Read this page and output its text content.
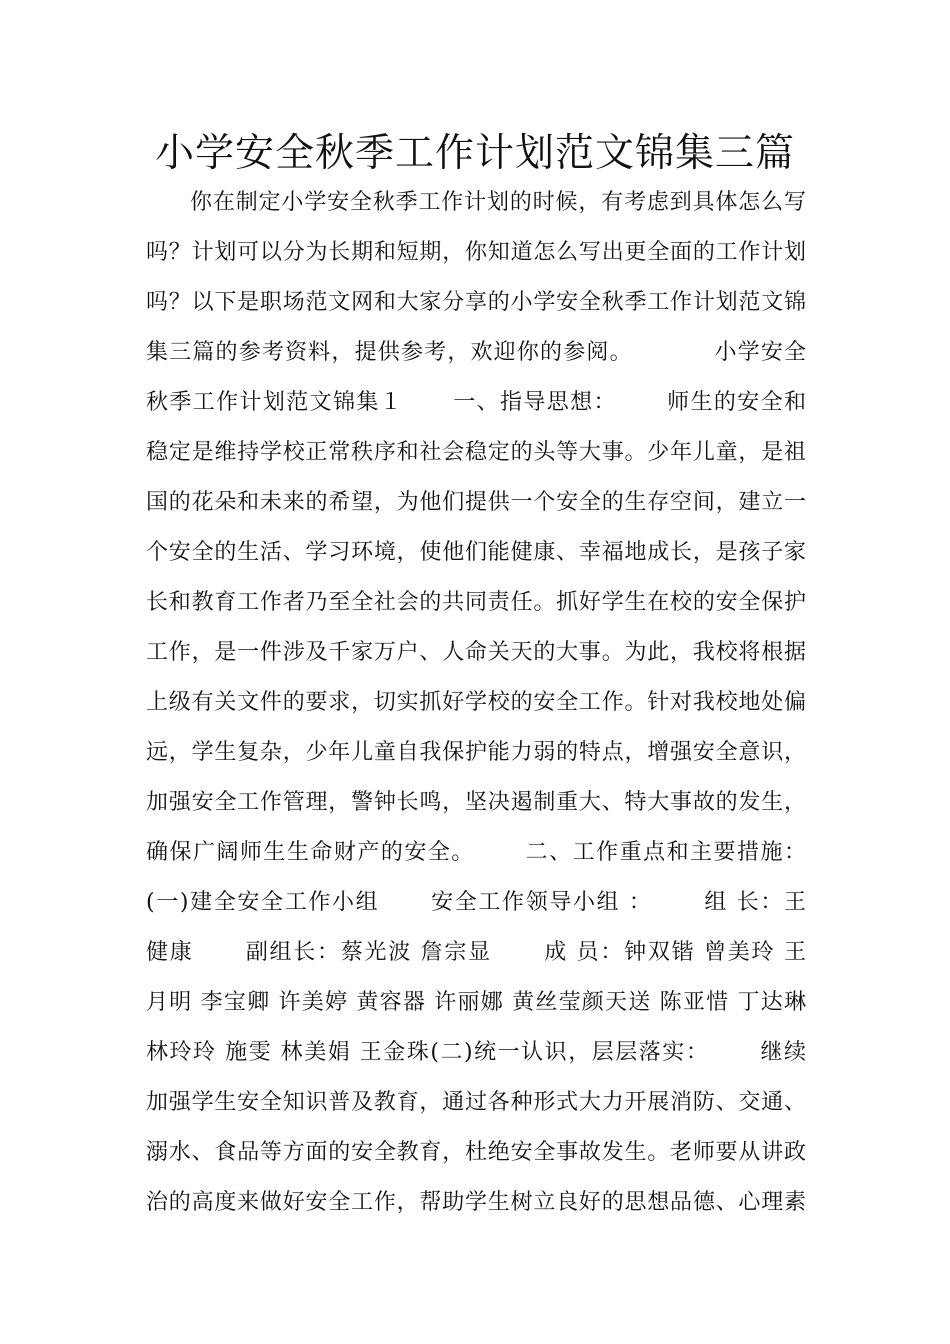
小学安全秋季工作计划范文锦集三篇
你在制定小学安全秋季工作计划的时候，有考虑到具体怎么写
吗？计划可以分为长期和短期，你知道怎么写出更全面的工作计划
吗？以下是职场范文网和大家分享的小学安全秋季工作计划范文锦
集三篇的参考资料，提供参考，欢迎你的参阅。          小学安全
秋季工作计划范文锦集１      一、指导思想：      师生的安全和
稳定是维持学校正常秩序和社会稳定的头等大事。少年儿童，是祖
国的花朵和未来的希望，为他们提供一个安全的生存空间，建立一
个安全的生活、学习环境，使他们能健康、幸福地成长，是孩子家
长和教育工作者乃至全社会的共同责任。抓好学生在校的安全保护
工作，是一件涉及千家万户、人命关天的大事。为此，我校将根据
上级有关文件的要求，切实抓好学校的安全工作。针对我校地处偏
远，学生复杂，少年儿童自我保护能力弱的特点，增强安全意识，
加强安全工作管理，警钟长鸣，坚决遏制重大、特大事故的发生，
确保广阔师生生命财产的安全。      二、工作重点和主要措施：
(一)建全安全工作小组      安全工作领导小组 ：      组 长：王
健康      副组长：蔡光波 詹宗显      成 员：钟双锴 曾美玲 王
月明 李宝卿 许美婷 黄容器 许丽娜 黄丝莹颜天送 陈亚惜 丁达琳
林玲玲 施雯 林美娟 王金珠(二)统一认识，层层落实：      继续
加强学生安全知识普及教育，通过各种形式大力开展消防、交通、
溺水、食品等方面的安全教育，杜绝安全事故发生。老师要从讲政
治的高度来做好安全工作，帮助学生树立良好的思想品德、心理素
